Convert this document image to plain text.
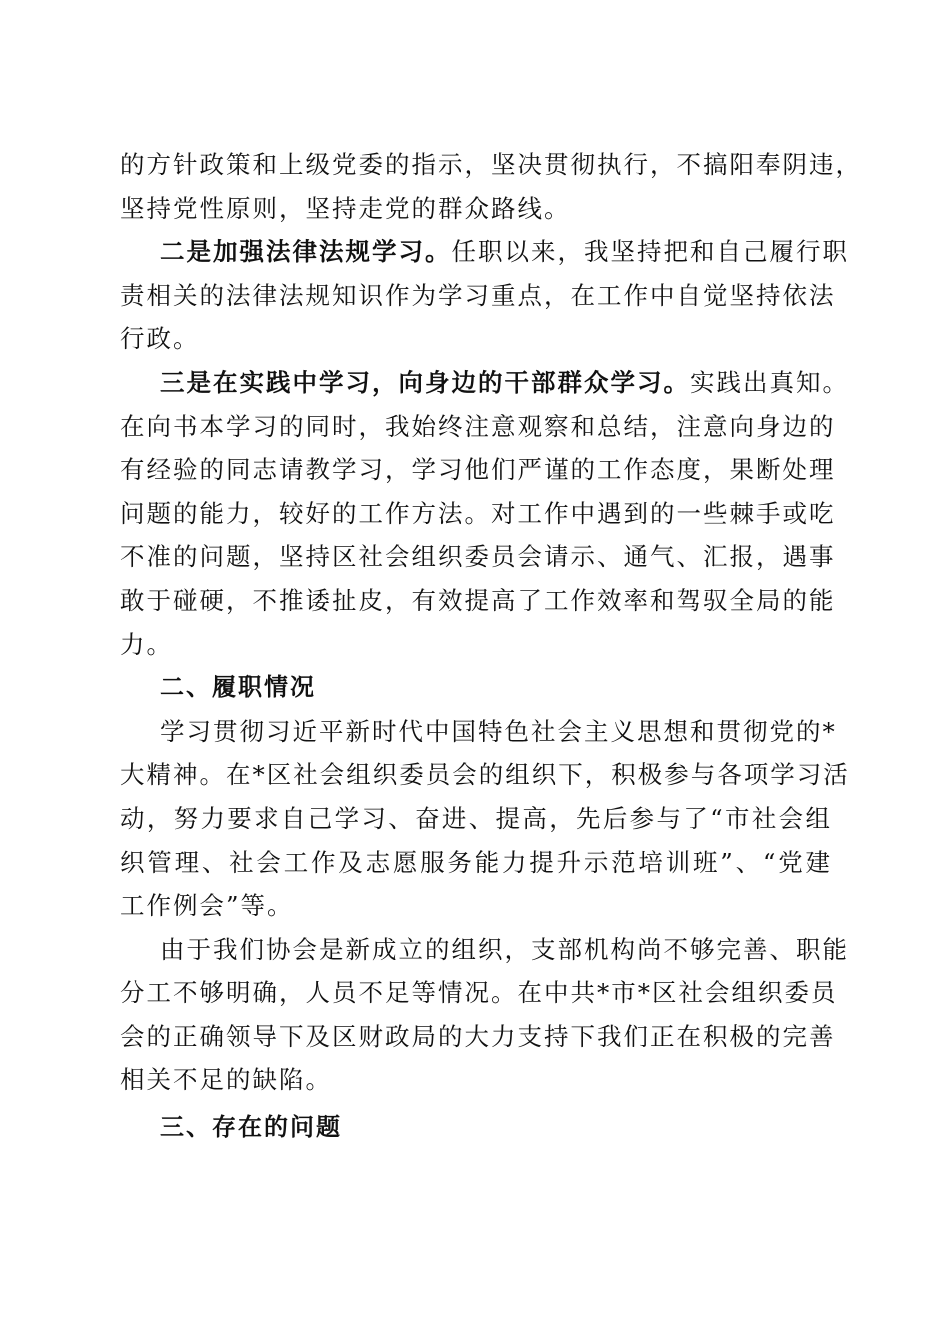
的方针政策和上级党委的指示，坚决贯彻执行，不搞阳奉阴违，
坚持党性原则，坚持走党的群众路线。
二是加强法律法规学习。任职以来，我坚持把和自己履行职
责相关的法律法规知识作为学习重点，在工作中自觉坚持依法
行政。
三是在实践中学习，向身边的干部群众学习。实践出真知。
在向书本学习的同时，我始终注意观察和总结，注意向身边的
有经验的同志请教学习，学习他们严谨的工作态度，果断处理
问题的能力，较好的工作方法。对工作中遇到的一些棘手或吃
不准的问题，坚持区社会组织委员会请示、通气、汇报，遇事
敢于碰硬，不推诿扯皮，有效提高了工作效率和驾驭全局的能
力。
二、履职情况
学习贯彻习近平新时代中国特色社会主义思想和贯彻党的*
大精神。在*区社会组织委员会的组织下，积极参与各项学习活
动，努力要求自己学习、奋进、提高，先后参与了“市社会组
织管理、社会工作及志愿服务能力提升示范培训班”、“党建
工作例会”等。
由于我们协会是新成立的组织，支部机构尚不够完善、职能
分工不够明确，人员不足等情况。在中共*市*区社会组织委员
会的正确领导下及区财政局的大力支持下我们正在积极的完善
相关不足的缺陷。
三、存在的问题
